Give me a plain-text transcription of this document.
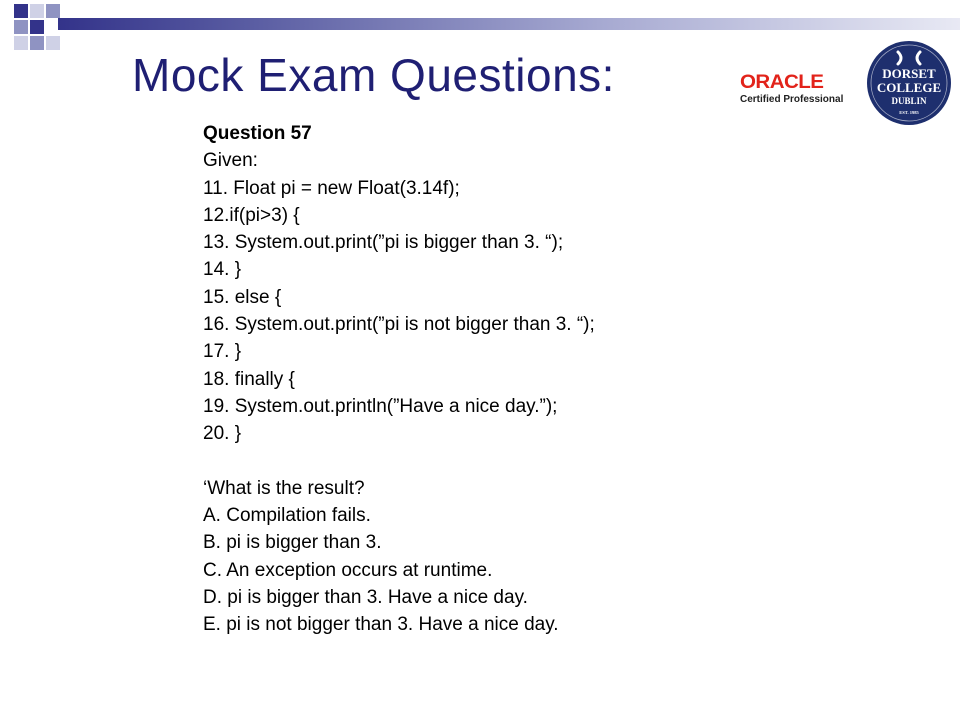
Mock Exam Questions:	ORACLE
Certified Professional
DORSET
COLLEGE
DUBLIN
EST. 1985
Question 57
Given:
11. Float pi = new Float(3.14f);
12.if(pi>3) {
13. System.out.print(”pi is bigger than 3. “);
14. }
15. else {
16. System.out.print(”pi is not bigger than 3. “);
17. }
18. finally {
19. System.out.println(”Have a nice day.”);
20. }
‘What is the result?
A. Compilation fails.
B. pi is bigger than 3.
C. An exception occurs at runtime.
D. pi is bigger than 3. Have a nice day.
E. pi is not bigger than 3. Have a nice day.
